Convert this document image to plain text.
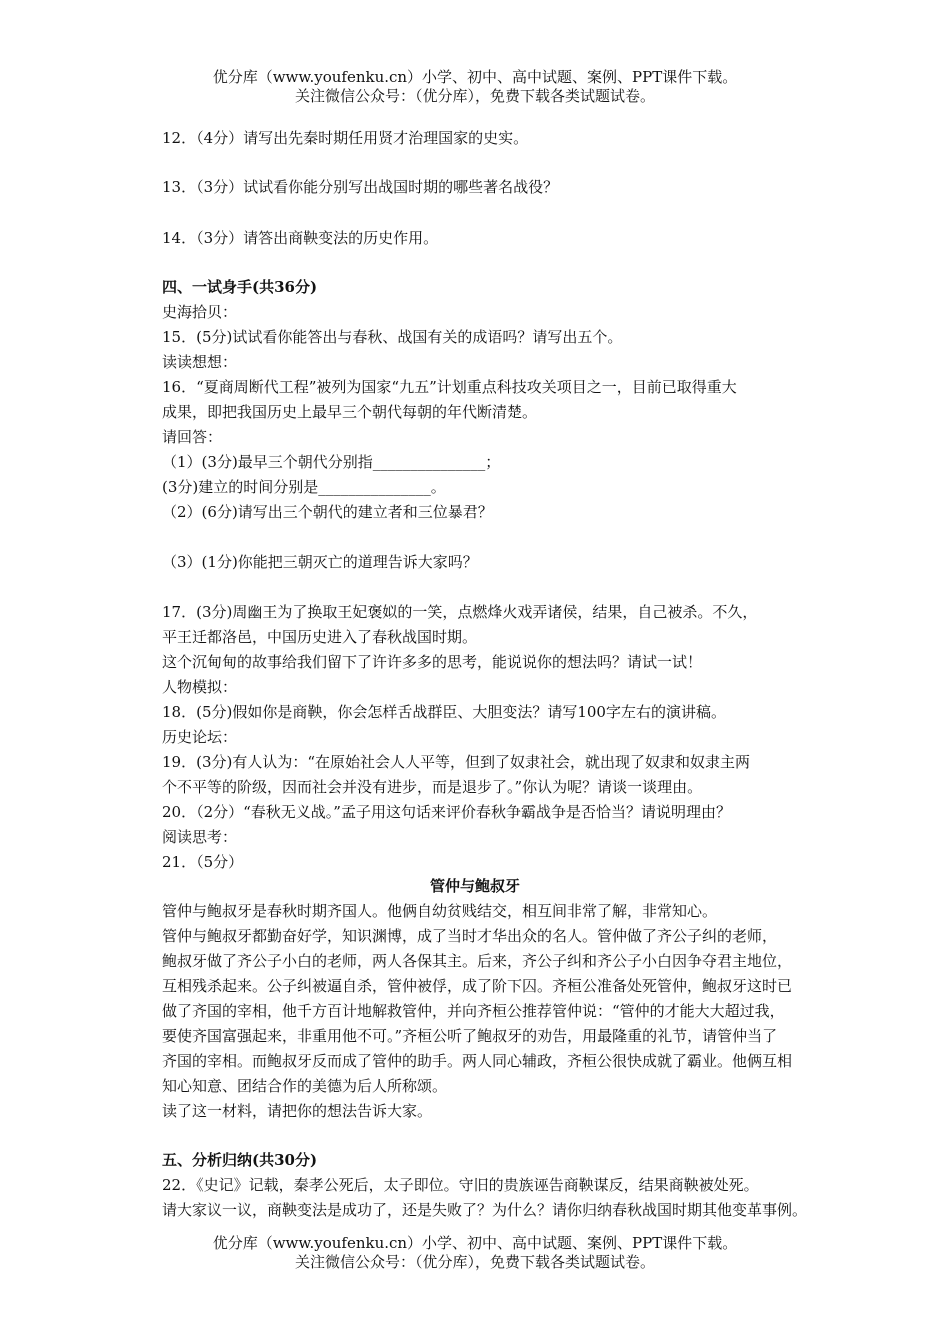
优分库（www.youfenku.cn）小学、初中、高中试题、案例、PPT课件下载。
关注微信公众号：（优分库），免费下载各类试题试卷。
12．（4分）请写出先秦时期任用贤才治理国家的史实。
13．（3分）试试看你能分别写出战国时期的哪些著名战役？
14．（3分）请答出商鞅变法的历史作用。
四、一试身手(共36分)
史海拾贝：
15．(5分)试试看你能答出与春秋、战国有关的成语吗？请写出五个。
读读想想：
16．“夏商周断代工程”被列为国家“九五”计划重点科技攻关项目之一，目前已取得重大
成果，即把我国历史上最早三个朝代每朝的年代断清楚。
请回答：
（1）(3分)最早三个朝代分别指_______________；
(3分)建立的时间分别是_______________。
（2）(6分)请写出三个朝代的建立者和三位暴君？
（3）(1分)你能把三朝灭亡的道理告诉大家吗？
17．(3分)周幽王为了换取王妃褒姒的一笑，点燃烽火戏弄诸侯，结果，自己被杀。不久，
平王迁都洛邑，中国历史进入了春秋战国时期。
这个沉甸甸的故事给我们留下了许许多多的思考，能说说你的想法吗？请试一试！
人物模拟：
18．(5分)假如你是商鞅，你会怎样舌战群臣、大胆变法？请写100字左右的演讲稿。
历史论坛：
19．(3分)有人认为：“在原始社会人人平等，但到了奴隶社会，就出现了奴隶和奴隶主两
个不平等的阶级，因而社会并没有进步，而是退步了。”你认为呢？请谈一谈理由。
20．（2分）“春秋无义战。”孟子用这句话来评价春秋争霸战争是否恰当？请说明理由？
阅读思考：
21．（5分）
管仲与鲍叔牙
管仲与鲍叔牙是春秋时期齐国人。他俩自幼贫贱结交，相互间非常了解，非常知心。
管仲与鲍叔牙都勤奋好学，知识渊博，成了当时才华出众的名人。管仲做了齐公子纠的老师，
鲍叔牙做了齐公子小白的老师，两人各保其主。后来，齐公子纠和齐公子小白因争夺君主地位，
互相残杀起来。公子纠被逼自杀，管仲被俘，成了阶下囚。齐桓公准备处死管仲，鲍叔牙这时已
做了齐国的宰相，他千方百计地解救管仲，并向齐桓公推荐管仲说：“管仲的才能大大超过我，
要使齐国富强起来，非重用他不可。”齐桓公听了鲍叔牙的劝告，用最隆重的礼节，请管仲当了
齐国的宰相。而鲍叔牙反而成了管仲的助手。两人同心辅政，齐桓公很快成就了霸业。他俩互相
知心知意、团结合作的美德为后人所称颂。
读了这一材料，请把你的想法告诉大家。
五、分析归纳(共30分)
22．《史记》记载，秦孝公死后，太子即位。守旧的贵族诬告商鞅谋反，结果商鞅被处死。
请大家议一议，商鞅变法是成功了，还是失败了？为什么？请你归纳春秋战国时期其他变革事例。
优分库（www.youfenku.cn）小学、初中、高中试题、案例、PPT课件下载。
关注微信公众号：（优分库），免费下载各类试题试卷。
